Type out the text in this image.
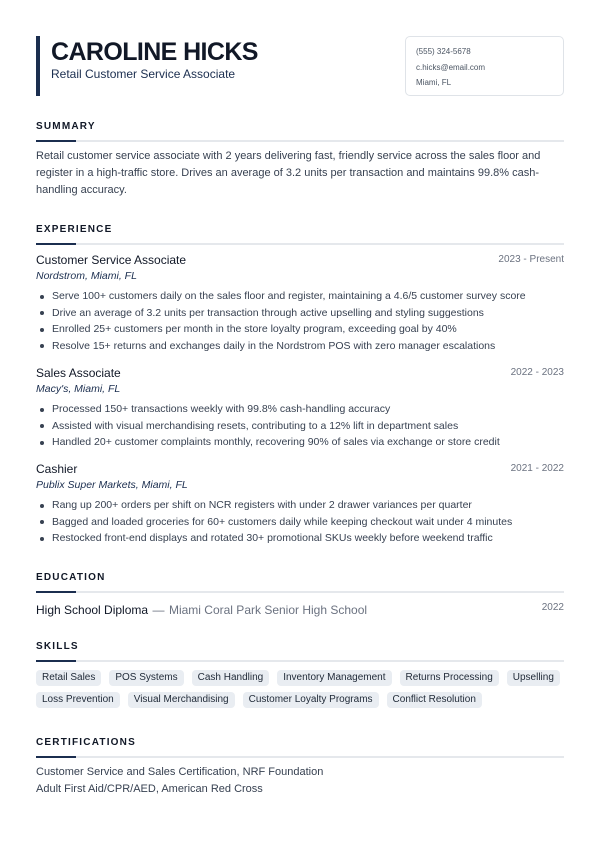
CAROLINE HICKS
Retail Customer Service Associate
(555) 324-5678
c.hicks@email.com
Miami, FL
SUMMARY
Retail customer service associate with 2 years delivering fast, friendly service across the sales floor and register in a high-traffic store. Drives an average of 3.2 units per transaction and maintains 99.8% cash-handling accuracy.
EXPERIENCE
Customer Service Associate	2023 - Present
Nordstrom, Miami, FL
Serve 100+ customers daily on the sales floor and register, maintaining a 4.6/5 customer survey score
Drive an average of 3.2 units per transaction through active upselling and styling suggestions
Enrolled 25+ customers per month in the store loyalty program, exceeding goal by 40%
Resolve 15+ returns and exchanges daily in the Nordstrom POS with zero manager escalations
Sales Associate	2022 - 2023
Macy's, Miami, FL
Processed 150+ transactions weekly with 99.8% cash-handling accuracy
Assisted with visual merchandising resets, contributing to a 12% lift in department sales
Handled 20+ customer complaints monthly, recovering 90% of sales via exchange or store credit
Cashier	2021 - 2022
Publix Super Markets, Miami, FL
Rang up 200+ orders per shift on NCR registers with under 2 drawer variances per quarter
Bagged and loaded groceries for 60+ customers daily while keeping checkout wait under 4 minutes
Restocked front-end displays and rotated 30+ promotional SKUs weekly before weekend traffic
EDUCATION
High School Diploma — Miami Coral Park Senior High School	2022
SKILLS
Retail Sales	POS Systems	Cash Handling	Inventory Management	Returns Processing	Upselling
Loss Prevention	Visual Merchandising	Customer Loyalty Programs	Conflict Resolution
CERTIFICATIONS
Customer Service and Sales Certification, NRF Foundation
Adult First Aid/CPR/AED, American Red Cross
